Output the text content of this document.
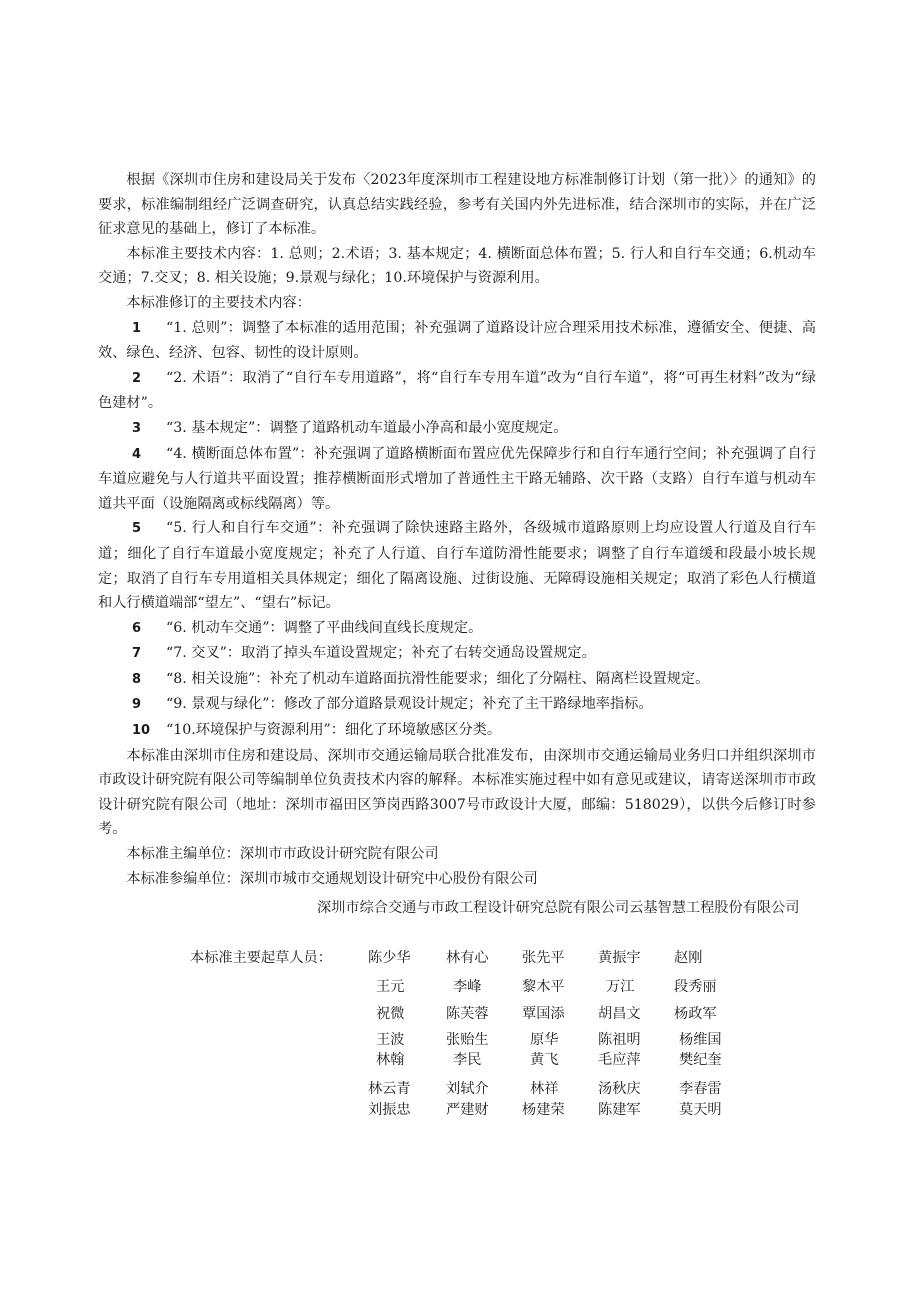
根据《深圳市住房和建设局关于发布〈2023年度深圳市工程建设地方标准制修订计划（第一批）〉的通知》的要求，标准编制组经广泛调查研究，认真总结实践经验，参考有关国内外先进标准，结合深圳市的实际，并在广泛征求意见的基础上，修订了本标准。

本标准主要技术内容：1. 总则；2.术语；3. 基本规定；4. 横断面总体布置；5. 行人和自行车交通；6.机动车交通；7.交叉；8. 相关设施；9.景观与绿化；10.环境保护与资源利用。

本标准修订的主要技术内容：

1 “1. 总则”：调整了本标准的适用范围；补充强调了道路设计应合理采用技术标准，遵循安全、便捷、高效、绿色、经济、包容、韧性的设计原则。

2 “2. 术语”：取消了“自行车专用道路”，将“自行车专用车道”改为“自行车道”，将“可再生材料”改为“绿色建材”。

3 “3. 基本规定”：调整了道路机动车道最小净高和最小宽度规定。

4 “4. 横断面总体布置”：补充强调了道路横断面布置应优先保障步行和自行车通行空间；补充强调了自行车道应避免与人行道共平面设置；推荐横断面形式增加了普通性主干路无辅路、次干路（支路）自行车道与机动车道共平面（设施隔离或标线隔离）等。

5 “5. 行人和自行车交通”：补充强调了除快速路主路外，各级城市道路原则上均应设置人行道及自行车道；细化了自行车道最小宽度规定；补充了人行道、自行车道防滑性能要求；调整了自行车道缓和段最小坡长规定；取消了自行车专用道相关具体规定；细化了隔离设施、过街设施、无障碍设施相关规定；取消了彩色人行横道和人行横道端部“望左”、“望右”标记。

6 “6. 机动车交通”：调整了平曲线间直线长度规定。

7 “7. 交叉”：取消了掉头车道设置规定；补充了右转交通岛设置规定。

8 “8. 相关设施”：补充了机动车道路面抗滑性能要求；细化了分隔柱、隔离栏设置规定。

9 “9. 景观与绿化”：修改了部分道路景观设计规定；补充了主干路绿地率指标。

10 “10.环境保护与资源利用”：细化了环境敏感区分类。

本标准由深圳市住房和建设局、深圳市交通运输局联合批准发布，由深圳市交通运输局业务归口并组织深圳市市政设计研究院有限公司等编制单位负责技术内容的解释。本标准实施过程中如有意见或建议，请寄送深圳市市政设计研究院有限公司（地址：深圳市福田区笋岗西路3007号市政设计大厦，邮编：518029），以供今后修订时参考。

本标准主编单位：深圳市市政设计研究院有限公司

本标准参编单位：深圳市城市交通规划设计研究中心股份有限公司

深圳市综合交通与市政工程设计研究总院有限公司云基智慧工程股份有限公司
本标准主要起草人员：	陈少华 林有心 张先平 黄振宇 赵刚
王元	李峰	黎木平	万江	段秀丽
祝微	陈芙蓉 覃国添 胡昌文 杨政军
王波	张贻生	原华	陈祖明	杨维国
林翰	李民	黄飞	毛应萍	樊纪奎
林云青 刘轼介	林祥	汤秋庆	李春雷
刘振忠 严建财 杨建荣 陈建军	莫天明
